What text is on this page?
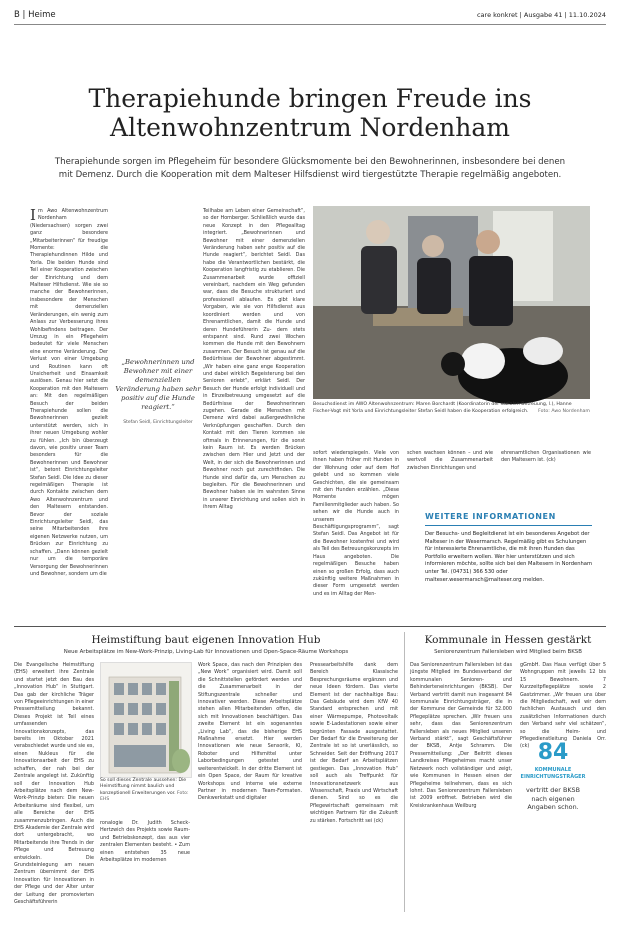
B | Heime	care konkret | Ausgabe 41 | 11.10.2024
Therapiehunde bringen Freude ins
Altenwohnzentrum Nordenham
Therapiehunde sorgen im Pflegeheim für besondere Glücksmomente bei den Bewohnerinnen, insbesondere bei denen mit Demenz. Durch die Kooperation mit dem Malteser Hilfsdienst wird tiergestützte Therapie regelmäßig angeboten.
Im Awo Altenwohnzentrum Nordenham (Niedersachsen) sorgen zwei ganz besondere „Mitarbeiterinnen“ für freudige Momente: die Therapiehundinnen Hilde und Yorla. Die beiden Hunde sind Teil einer Kooperation zwischen der Einrichtung und dem Malteser Hilfsdienst. Wie sie so manche der Bewohnerinnen, insbesondere der Menschen mit demenziellen Veränderungen, ein wenig zum Anlass zur Verbesserung ihres Wohlbefindens beitragen. Der Umzug in ein Pflegeheim bedeutet für viele Menschen eine enorme Veränderung. Der Verlust von einer Umgebung und Routinen kann oft Unsicherheit und Einsamkeit auslösen. Genau hier setzt die Kooperation mit den Maltesern an: Mit den regelmäßigen Besuch der beiden Therapiehunde sollen die Bewohnerinnen gezielt unterstützt werden, sich in ihrer neuen Umgebung wohler zu fühlen. „Ich bin überzeugt davon, wie positiv unser Team besonders für die Bewohnerinnen und Bewohner ist“, betont Einrichtungsleiter Stefan Seidl. Die Idee zu dieser regelmäßigen Therapie ist durch Kontakte zwischen dem Awo Altenwohnzentrum und den Maltesern entstanden. Bevor der soziale Einrichtungsleiter Seidl, das seine Mitarbeitenden ihre eigenen Netzwerke nutzen, um Brücken zur Einrichtung zu schaffen. „Dann können gezielt nur um die temporäre Versorgung der Bewohnerinnen und Bewohner, sondern um die
„Bewohnerinnen und Bewohner mit einer demenziellen Veränderung haben sehr positiv auf die Hunde reagiert.“
Stefan Seidl, Einrichtungsleiter
Teilhabe am Leben einer Gemeinschaft“, so der Homberger. Schließlich wurde das neue Konzept in den Pflegealltag integriert. „Bewohnerinnen und Bewohner mit einer demenziellen Veränderung haben sehr positiv auf die Hunde reagiert“, berichtet Seidl. Das habe die Verantwortlichen bestärkt, die Kooperation langfristig zu etablieren. Die Zusammenarbeit wurde offiziell vereinbart, nachdem ein Weg gefunden war, dass die Besuche strukturiert und professionell ablaufen. Es gibt klare Vorgaben, wie sie von Hilfsdienst aus koordiniert werden und von Ehrenamtlichen, damit die Hunde und deren Hundeführerin Zu- dem stets entspannt sind. Rund zwei Wochen kommen die Hunde mit den Bewohnern zusammen. Der Besuch ist genau auf die Bedürfnisse der Bewohner abgestimmt. „Wir haben eine ganz enge Kooperation und dabei wirklich Begeisterung bei den Senioren erlebt“, erklärt Seidl. Der Besuch der Hunde erfolgt individuell und in Einzelbetreuung umgesetzt auf die Bedürfnisse der Bewohnerinnen zugehen. Gerade die Menschen mit Demenz wird dabei außergewöhnliche Verknüpfungen geschaffen. Durch den Kontakt mit den Tieren kommen sie oftmals in Erinnerungen, für die sonst kein Raum ist. Es werden Brücken zwischen dem Hier und Jetzt und der Welt, in der sich die Bewohnerinnen und Bewohner noch gut zurechtfinden. Die Hunde sind dafür da, um Menschen zu begleiten. Für die Bewohnerinnen und Bewohner haben sie im wahrsten Sinne in unserer Einrichtung und sollen sich in ihrem Alltag
Besuchsdienst im AWO Altenwohnzentrum: Maren Borchardt (Koordinatorin der sozialen Betreuung, l.), Hanne Fischer-Vogt mit Yorla und Einrichtungsleiter Stefan Seidl haben die Kooperation erfolgreich. Foto: Awo Nordenham
sofort wiederspiegeln. Viele von ihnen haben früher mit Hunden in der Wohnung oder auf dem Hof gelebt und so kommen viele Geschichten, die sie gemeinsam mit den Hunden erzählen. „Diese Momente mögen Familienmitglieder auch haben. So sehen wir die Hunde auch in unserem Beschäftigungsprogramm“, sagt Stefan Seidl. Das Angebot ist für die Bewohner kostenfrei und wird als Teil des Betreuungskonzepts im Haus angeboten. Die regelmäßigen Besuche haben einen so großen Erfolg, dass auch zukünftig weitere Maßnahmen in dieser Form umgesetzt werden und es im Alltag der Men-
schen wachsen können – und wie wertvoll die Zusammenarbeit zwischen Einrichtungen und
ehrenamtlichen Organisationen wie den Maltesern ist. (ck)
WEITERE INFORMATIONEN
Der Besuchs- und Begleitdienst ist ein besonderes Angebot der Malteser in der Wesermarsch. Regelmäßig gibt es Schulungen für interessierte Ehrenamtliche, die mit ihren Hunden das Portfolio erweitern wollen. Wer hier unterstützen und sich informieren möchte, sollte sich bei den Maltesern in Nordenham unter Tel. (04731) 366 530 oder malteser.wesermarsch@malteser.org melden.
Heimstiftung baut eigenen Innovation Hub
Neue Arbeitsplätze im New-Work-Prinzip, Living-Lab für Innovationen und Open-Space-Räume Workshops
Die Evangelische Heimstiftung (EHS) erweitert ihre Zentrale und startet jetzt den Bau des „Innovation Hub“ in Stuttgart. Das gab der kirchliche Träger von Pflegeeinrichtungen in einer Pressemitteilung bekannt. Dieses Projekt ist Teil eines umfassenden Innovationskonzepts, das bereits im Oktober 2021 verabschiedet wurde und sie es, einen Nukleus für die Innovationsarbeit der EHS zu schaffen, der nah bei der Zentrale angelegt ist. Zukünftig soll der Innovation Hub Arbeitsplätze nach dem New-Work-Prinzip bieten: Die neuen Arbeitsräume sind flexibel, um alle Bereiche der EHS zusammenzubringen. Auch die EHS Akademie der Zentrale wird dort untergebracht, wo Mitarbeitende ihre Trends in der Pflege und Betreuung entwickeln. Die Grundsteinlegung am neuen Zentrum übernimmt der EHS Innovation für Innovationen in der Pflege und der Alter unter der Leitung der promovierten Geschäftsführerin
So soll dieses Zentrale aussehen: Die Heimstiftung nimmt baulich und konzeptionell Erweiterungen vor. Foto: EHS
ronalogie Dr. Judith Scheck-Hertzwich des Projekts sowie Raum- und Betriebskonzept, das aus vier zentralen Elementen besteht. • Zum einen entstehen 35 neue Arbeitsplätze im modernen
Work Space, das nach den Prinzipien des „New Work“ organisiert wird. Damit soll die Schnittstellen gefördert werden und die Zusammenarbeit in der Stiftungszentrale schneller und innovativer werden. Diese Arbeitsplätze stehen allen Mitarbeitenden offen, die sich mit Innovationen beschäftigen. Das zweite Element ist ein sogenanntes „Living Lab“, das die bisherige EHS Maßnahme ersetzt. Hier werden Innovationen wie neue Sensorik, KI, Roboter und Hilfsmittel unter Laborbedingungen getestet und weiterentwickelt. In der dritte Element ist ein Open Space, der Raum für kreative Workshops und interne wie externe Partner in modernen Team-Formaten. Denkwerkstatt und digitaler
Pressearbeitshilfe dank dem Bereich Klassische Besprechungsräume ergänzen und neue Ideen fördern. Das vierte Element ist der nachhaltige Bau: Das Gebäude wird dem KfW 40 Standard entsprechen und mit einer Wärmepumpe, Photovoltaik sowie E-Ladestationen sowie einer begrünten Fassade ausgestattet. Der Bedarf für die Erweiterung der Zentrale ist so ist unerlässlich, so Schneider. Seit der Eröffnung 2017 ist der Bedarf an Arbeitsplätzen gestiegen. Das „Innovation Hub“ soll auch als Treffpunkt für Innovationsnetzwerk aus Wissenschaft, Praxis und Wirtschaft dienen. Sind so es die Pflegewirtschaft gemeinsam mit wichtigen Partnern für die Zukunft zu stärken. Fortschritt sei (ck)
Kommunale in Hessen gestärkt
Seniorenzentrum Fallersleben wird Mitglied beim BKSB
Das Seniorenzentrum Fallersleben ist das jüngste Mitglied im Bundesverband der kommunalen Senioren- und Behinderteneinrichtungen (BKSB). Der Verband vertritt damit nun insgesamt 84 kommunale Einrichtungsträger, die in der Kommune der Gemeinde für 32.000 Pflegeplätze sprechen. „Wir freuen uns sehr, dass das Seniorenzentrum Fallersleben als neues Mitglied unseren Verband stärkt“, sagt Geschäftsführer der BKSB, Antje Schramm. Die Pressemitteilung: „Der Beitritt dieses Landkreises Pflegeheimes macht unser Netzwerk noch vollständiger und zeigt, wie Kommunen in Hessen einen der Pflegeheime teilnehmen, dass es sich lohnt. Das Seniorenzentrum Fallersleben ist 2009 eröffnet. Betrieben wird die Kreiskrankenhaus Weilburg
gGmbH. Das Haus verfügt über 5 Wohngruppen mit jeweils 12 bis 15 Bewohnern. 7 Kurzzeitpflegeplätze sowie 2 Gastzimmer. „Wir freuen uns über die Mitgliedschaft, weil wir dem fachlichen Austausch und den zusätzlichen Informationen durch den Verband sehr viel schätzen“, so die Heim- und Pflegedienstleitung Daniela Orr. (ck) 84
KOMMUNALE EINRICHTUNGSTRÄGER
vertritt der BKSB nach eigenen Angaben schon.
